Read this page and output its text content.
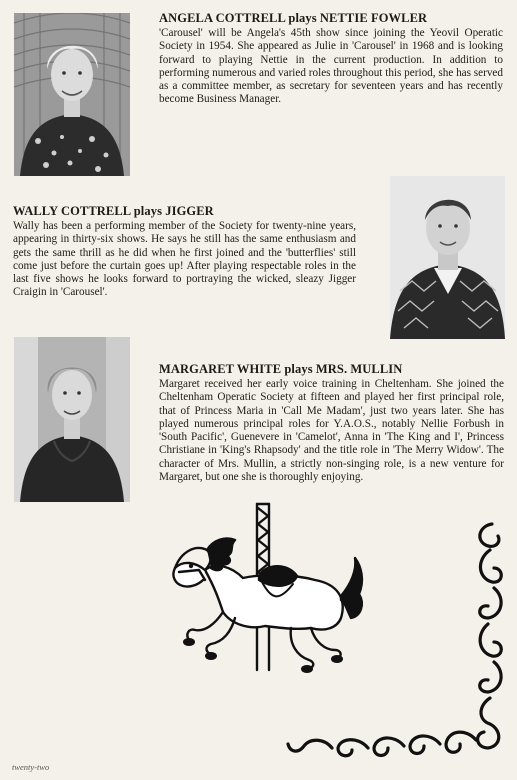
ANGELA COTTRELL plays NETTIE FOWLER

'Carousel' will be Angela's 45th show since joining the Yeovil Operatic Society in 1954. She appeared as Julie in 'Carousel' in 1968 and is looking forward to playing Nettie in the current production. In addition to performing numerous and varied roles throughout this period, she has served as a committee member, as secretary for seventeen years and has recently become Business Manager.

WALLY COTTRELL plays JIGGER

Wally has been a performing member of the Society for twenty-nine years, appearing in thirty-six shows. He says he still has the same enthusiasm and gets the same thrill as he did when he first joined and the 'butterflies' still come just before the curtain goes up! After playing respectable roles in the last five shows he looks forward to portraying the wicked, sleazy Jigger Craigin in 'Carousel'.

MARGARET WHITE plays MRS. MULLIN

Margaret received her early voice training in Cheltenham. She joined the Cheltenham Operatic Society at fifteen and played her first principal role, that of Princess Maria in 'Call Me Madam', just two years later. She has played numerous principal roles for Y.A.O.S., notably Nellie Forbush in 'South Pacific', Guenevere in 'Camelot', Anna in 'The King and I', Princess Christiane in 'King's Rhapsody' and the title role in 'The Merry Widow'. The character of Mrs. Mullin, a strictly non-singing role, is a new venture for Margaret, but one she is thoroughly enjoying.

twenty-two
